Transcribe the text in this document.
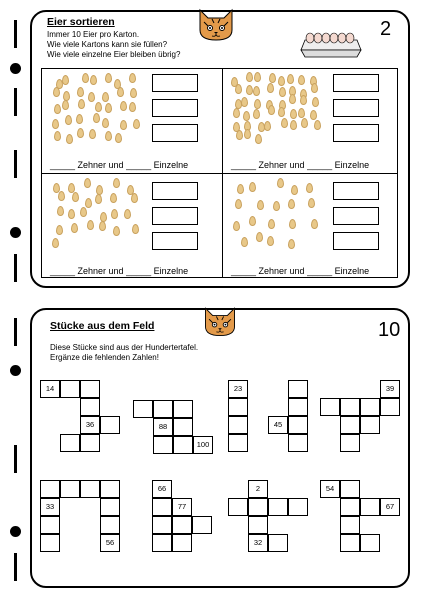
Eier sortieren
Immer 10 Eier pro Karton.
Wie viele Kartons kann sie füllen?
Wie viele einzelne Eier bleiben übrig?
2
_____ Zehner und _____ Einzelne	_____ Zehner und _____ Einzelne
_____ Zehner und _____ Einzelne	_____ Zehner und _____ Einzelne
Stücke aus dem Feld
Diese Stücke sind aus der Hundertertafel.
Ergänze die fehlenden Zahlen!
10
14
36	88
100
23
45
39
33
56
66
77
2
32
54
67
